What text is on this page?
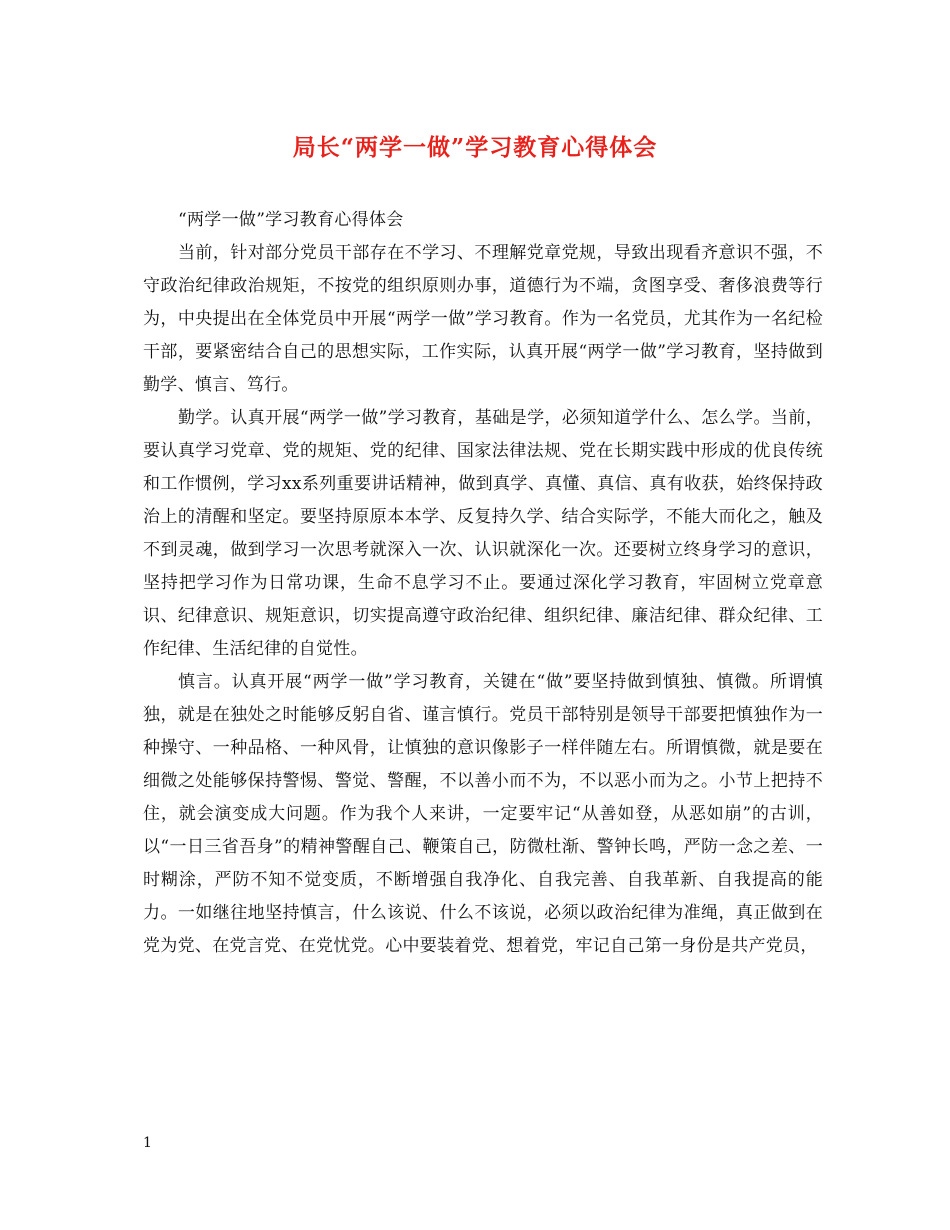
局长“两学一做”学习教育心得体会

“两学一做”学习教育心得体会

当前，针对部分党员干部存在不学习、不理解党章党规，导致出现看齐意识不强，不守政治纪律政治规矩，不按党的组织原则办事，道德行为不端，贪图享受、奢侈浪费等行为，中央提出在全体党员中开展“两学一做”学习教育。作为一名党员，尤其作为一名纪检干部，要紧密结合自己的思想实际，工作实际，认真开展“两学一做”学习教育，坚持做到勤学、慎言、笃行。

勤学。认真开展“两学一做”学习教育，基础是学，必须知道学什么、怎么学。当前，要认真学习党章、党的规矩、党的纪律、国家法律法规、党在长期实践中形成的优良传统和工作惯例，学习xx系列重要讲话精神，做到真学、真懂、真信、真有收获，始终保持政治上的清醒和坚定。要坚持原原本本学、反复持久学、结合实际学，不能大而化之，触及不到灵魂，做到学习一次思考就深入一次、认识就深化一次。还要树立终身学习的意识，坚持把学习作为日常功课，生命不息学习不止。要通过深化学习教育，牢固树立党章意识、纪律意识、规矩意识，切实提高遵守政治纪律、组织纪律、廉洁纪律、群众纪律、工作纪律、生活纪律的自觉性。

慎言。认真开展“两学一做”学习教育，关键在“做”要坚持做到慎独、慎微。所谓慎独，就是在独处之时能够反躬自省、谨言慎行。党员干部特别是领导干部要把慎独作为一种操守、一种品格、一种风骨，让慎独的意识像影子一样伴随左右。所谓慎微，就是要在细微之处能够保持警惕、警觉、警醒，不以善小而不为，不以恶小而为之。小节上把持不住，就会演变成大问题。作为我个人来讲，一定要牢记“从善如登，从恶如崩”的古训，以“一日三省吾身”的精神警醒自己、鞭策自己，防微杜渐、警钟长鸣，严防一念之差、一时糊涂，严防不知不觉变质，不断增强自我净化、自我完善、自我革新、自我提高的能力。一如继往地坚持慎言，什么该说、什么不该说，必须以政治纪律为准绳，真正做到在党为党、在党言党、在党忧党。心中要装着党、想着党，牢记自己第一身份是共产党员，

1
